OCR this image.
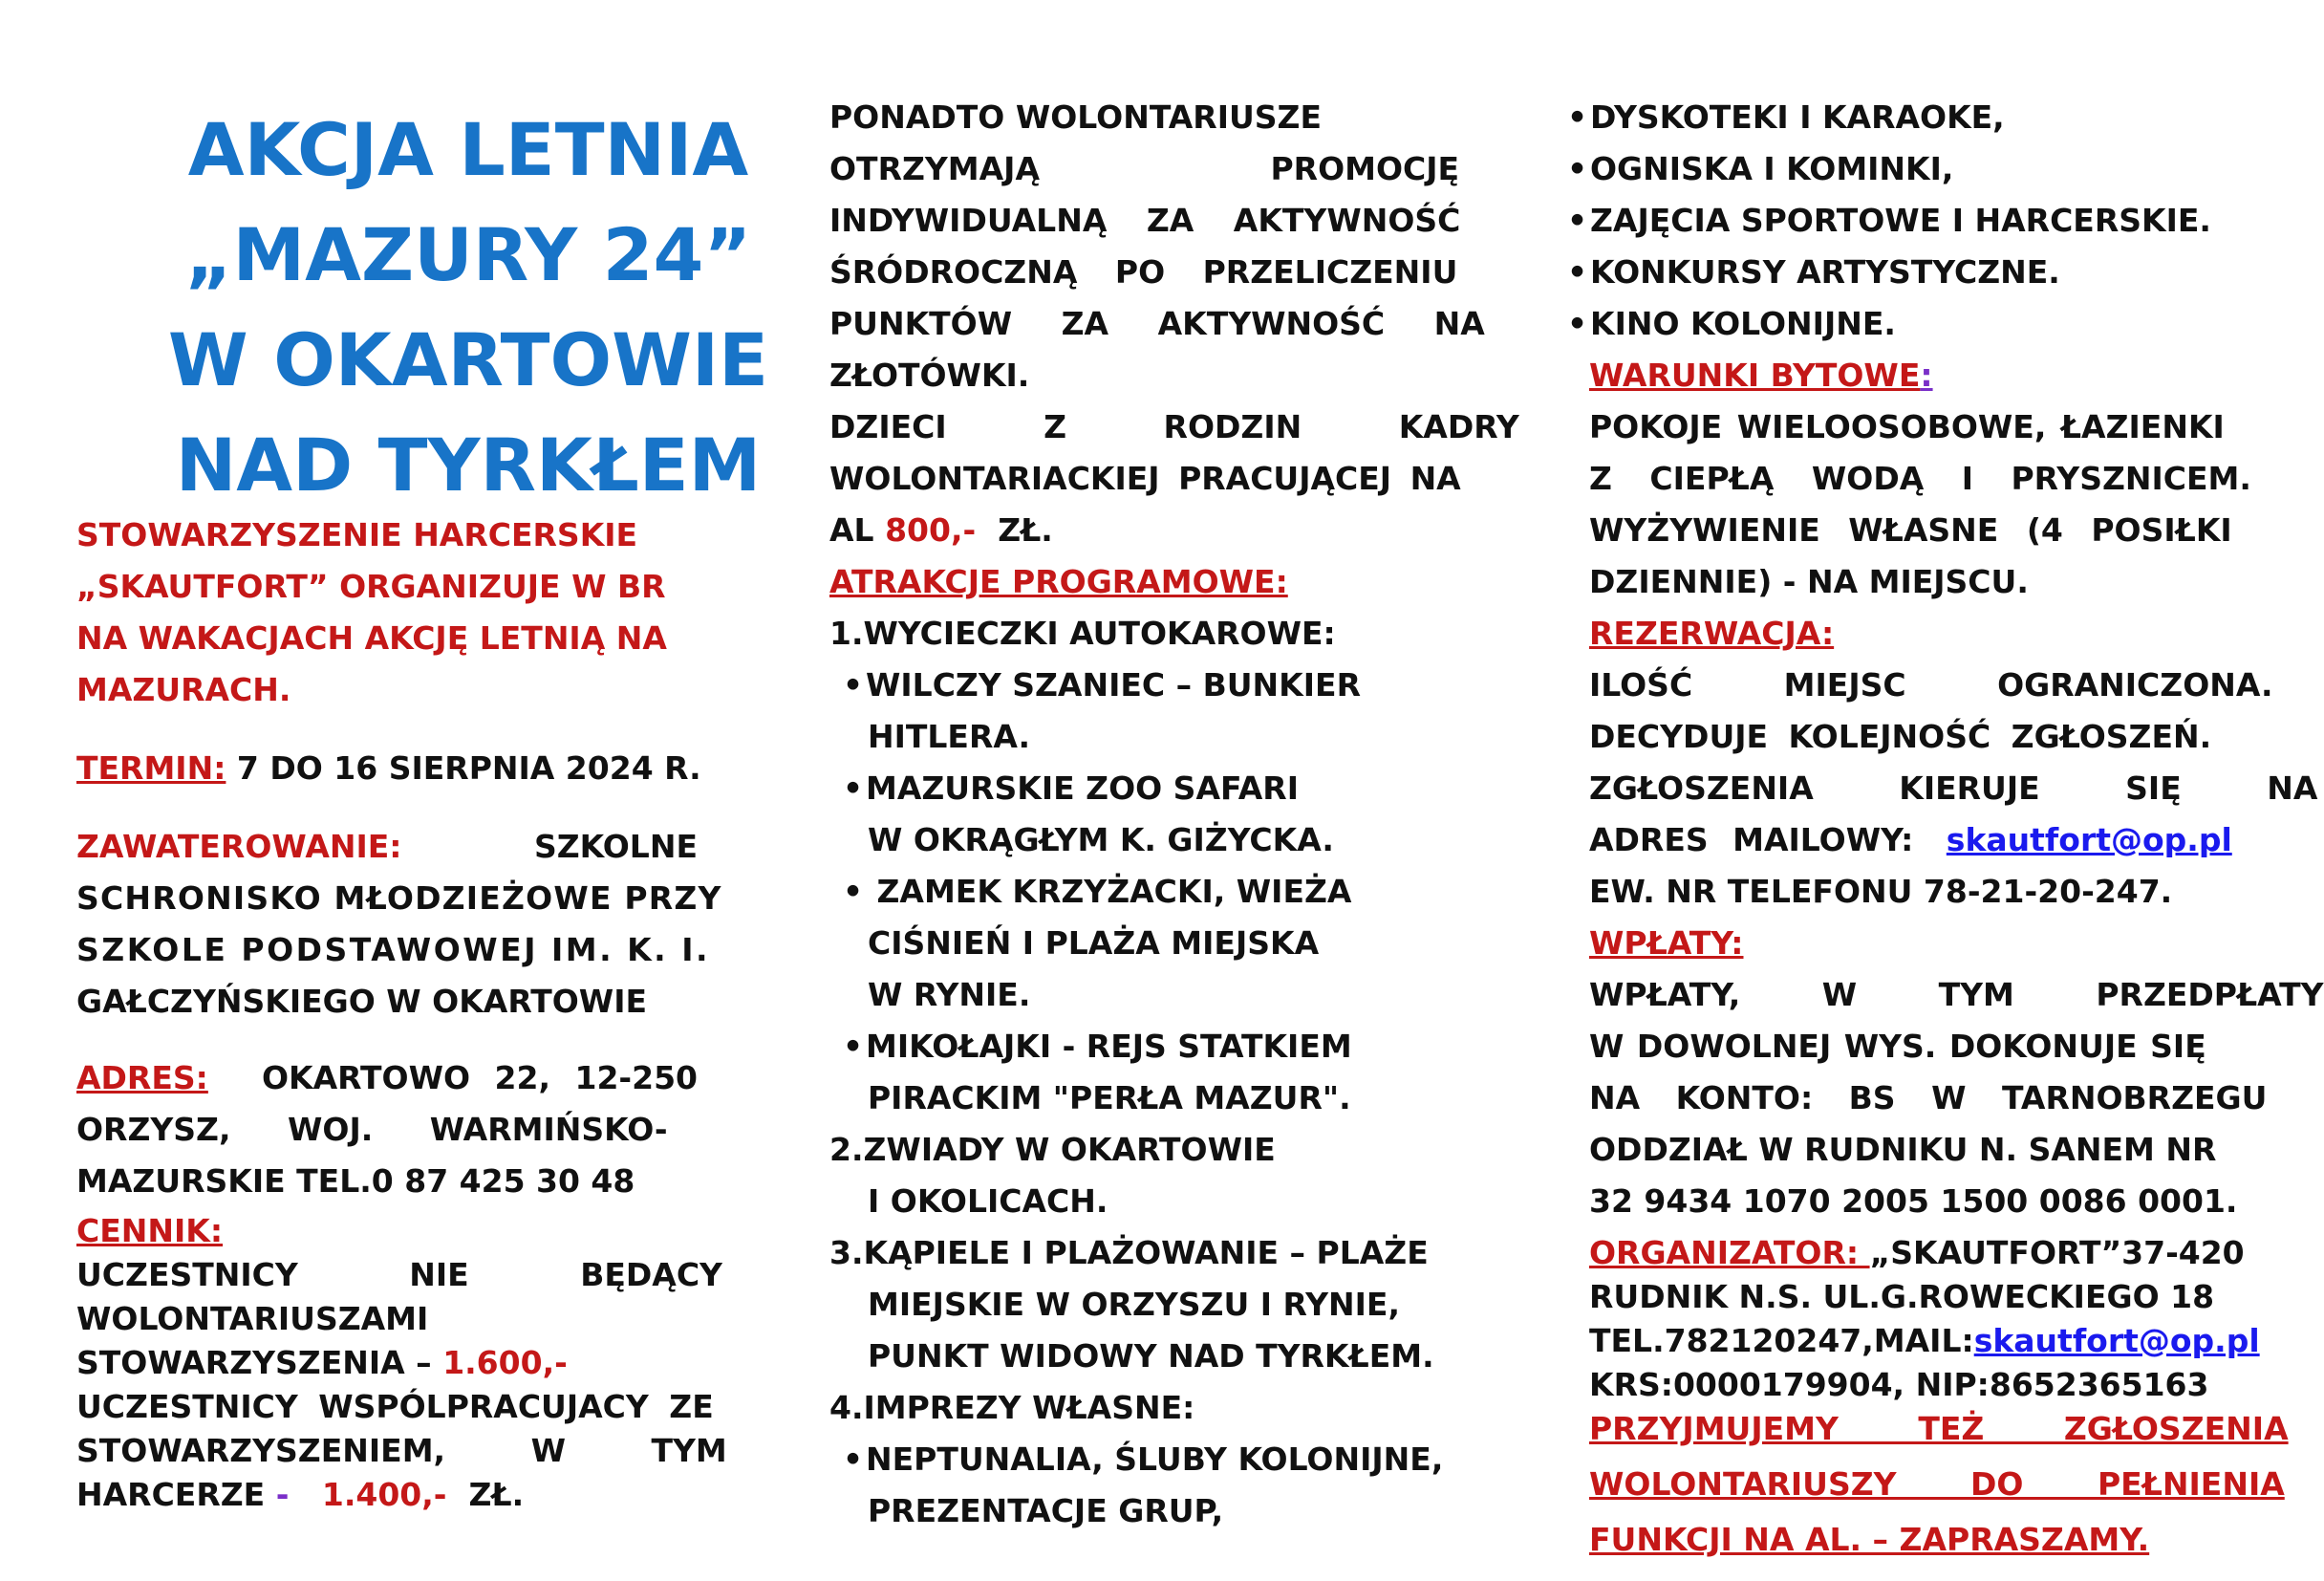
AKCJA LETNIA
„MAZURY 24”
W OKARTOWIE
NAD TYRKŁEM
STOWARZYSZENIE HARCERSKIE
„SKAUTFORT” ORGANIZUJE W BR
NA WAKACJACH AKCJĘ LETNIĄ NA
MAZURACH.
TERMIN: 7 DO 16 SIERPNIA 2024 R.
ZAWATEROWANIE:	SZKOLNE
SCHRONISKO MŁODZIEŻOWE PRZY
SZKOLE PODSTAWOWEJ IM. K. I.
GAŁCZYŃSKIEGO W OKARTOWIE
ADRES: OKARTOWO 22, 12-250
ORZYSZ, WOJ. WARMIŃSKO-
MAZURSKIE TEL.0 87 425 30 48
CENNIK:
UCZESTNICY NIE BĘDĄCY
WOLONTARIUSZAMI
STOWARZYSZENIA – 1.600,-
UCZESTNICY WSPÓLPRACUJACY ZE
STOWARZYSZENIEM, W TYM
HARCERZE - 1.400,- ZŁ.
PONADTO WOLONTARIUSZE
OTRZYMAJĄ PROMOCJĘ
INDYWIDUALNĄ ZA AKTYWNOŚĆ
ŚRÓDROCZNĄ PO PRZELICZENIU
PUNKTÓW ZA AKTYWNOŚĆ NA
ZŁOTÓWKI.
DZIECI Z RODZIN KADRY
WOLONTARIACKIEJ PRACUJĄCEJ NA
AL 800,- ZŁ.
ATRAKCJE PROGRAMOWE:
1.WYCIECZKI AUTOKAROWE:
•WILCZY SZANIEC – BUNKIER
HITLERA.
•MAZURSKIE ZOO SAFARI
W OKRĄGŁYM K. GIŻYCKA.
• ZAMEK KRZYŻACKI, WIEŻA
CIŚNIEŃ I PLAŻA MIEJSKA
W RYNIE.
•MIKOŁAJKI - REJS STATKIEM
PIRACKIM "PERŁA MAZUR".
2.ZWIADY W OKARTOWIE
I OKOLICACH.
3.KĄPIELE I PLAŻOWANIE – PLAŻE
MIEJSKIE W ORZYSZU I RYNIE,
PUNKT WIDOWY NAD TYRKŁEM.
4.IMPREZY WŁASNE:
•NEPTUNALIA, ŚLUBY KOLONIJNE,
PREZENTACJE GRUP,
•DYSKOTEKI I KARAOKE,
•OGNISKA I KOMINKI,
•ZAJĘCIA SPORTOWE I HARCERSKIE.
•KONKURSY ARTYSTYCZNE.
•KINO KOLONIJNE.
WARUNKI BYTOWE:
POKOJE WIELOOSOBOWE, ŁAZIENKI
Z CIEPŁĄ WODĄ I PRYSZNICEM.
WYŻYWIENIE WŁASNE (4 POSIŁKI
DZIENNIE) - NA MIEJSCU.
REZERWACJA:
ILOŚĆ MIEJSC OGRANICZONA.
DECYDUJE KOLEJNOŚĆ ZGŁOSZEŃ.
ZGŁOSZENIA KIERUJE SIĘ NA
ADRES MAILOWY: skautfort@op.pl
EW. NR TELEFONU 78-21-20-247.
WPŁATY:
WPŁATY, W TYM PRZEDPŁATY
W DOWOLNEJ WYS. DOKONUJE SIĘ
NA KONTO: BS W TARNOBRZEGU
ODDZIAŁ W RUDNIKU N. SANEM NR
32 9434 1070 2005 1500 0086 0001.
ORGANIZATOR: „SKAUTFORT”37-420
RUDNIK N.S. UL.G.ROWECKIEGO 18
TEL.782120247,MAIL:skautfort@op.pl
KRS:0000179904, NIP:8652365163
PRZYJMUJEMY TEŻ ZGŁOSZENIA
WOLONTARIUSZY DO PEŁNIENIA
FUNKCJI NA AL. – ZAPRASZAMY.
